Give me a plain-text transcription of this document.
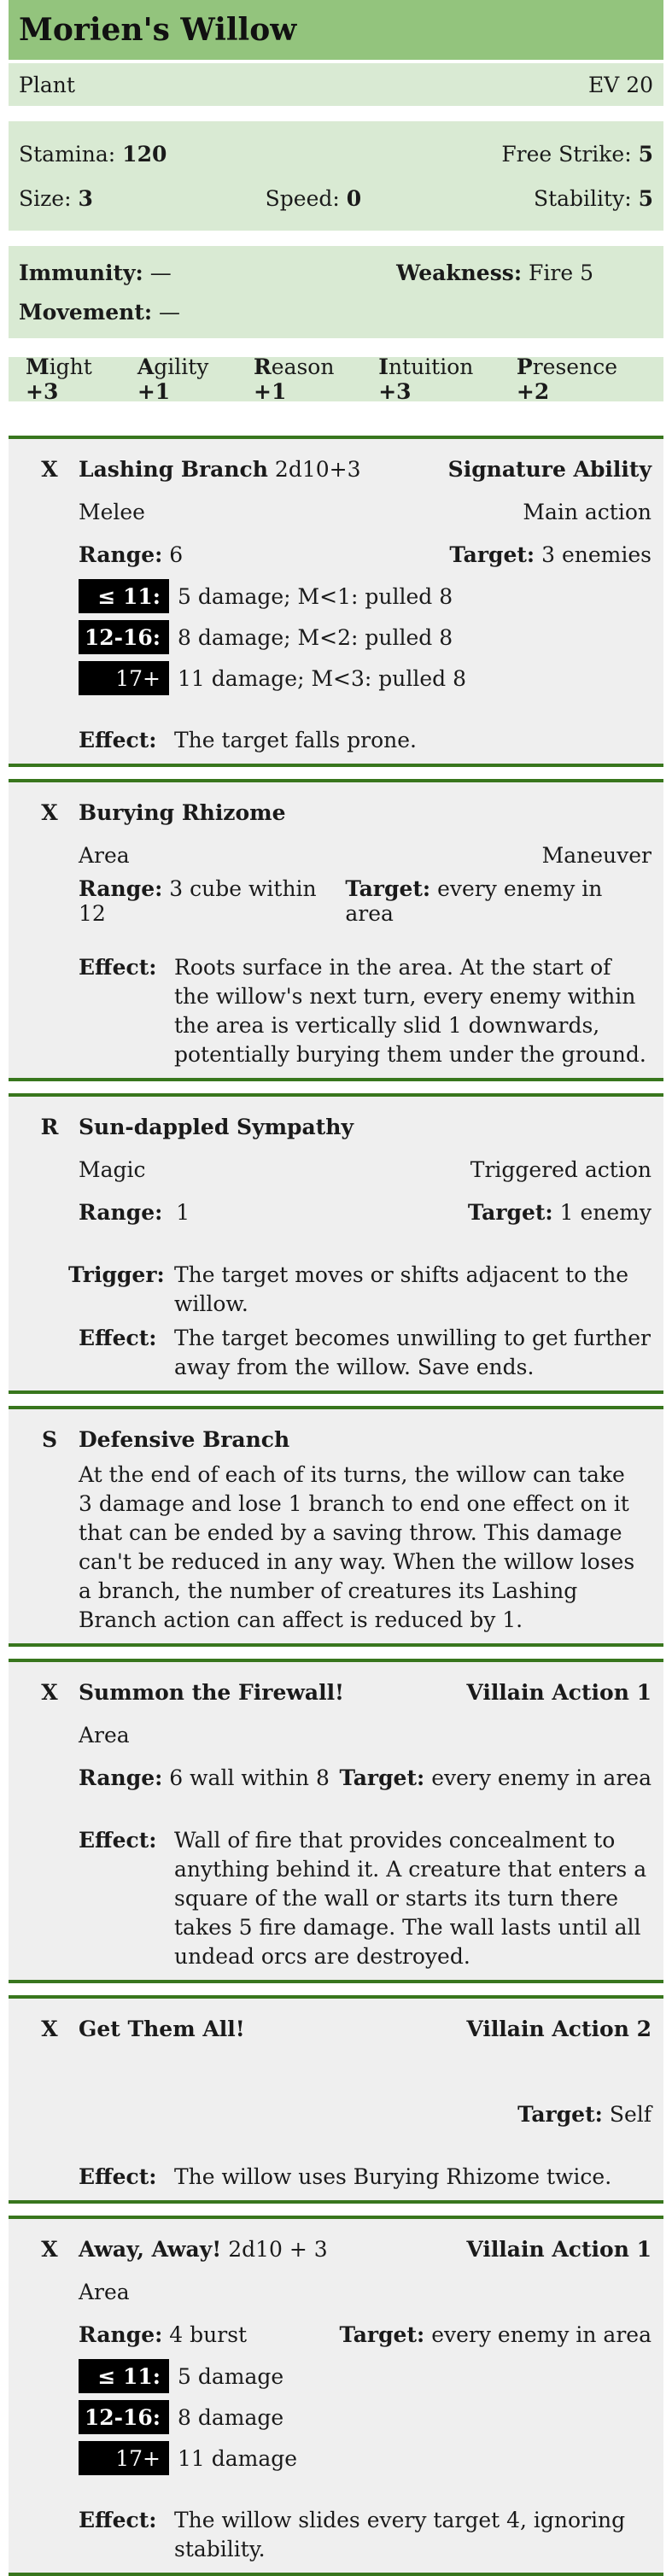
Morien's Willow
Plant	EV 20
Stamina: 120	Free Strike: 5
Size: 3	Speed: 0	Stability: 5
Immunity: —	Weakness: Fire 5
Movement: —
Might +3
Agility +1
Reason +1
Intuition +3
Presence +2
X Lashing Branch 2d10+3	Signature Ability
Melee	Main action
Range: 6	Target: 3 enemies
≤ 11: 5 damage; M<1: pulled 8
12-16: 8 damage; M<2: pulled 8
17+ 11 damage; M<3: pulled 8
Effect: The target falls prone.
X Burying Rhizome
Area	Maneuver
Range: 3 cube within 12
Target: every enemy in area
Effect: Roots surface in the area. At the start of the willow's next turn, every enemy within the area is vertically slid 1 downwards, potentially burying them under the ground.
R Sun-dappled Sympathy
Magic	Triggered action
Range: 1	Target: 1 enemy
Trigger: The target moves or shifts adjacent to the willow.
Effect: The target becomes unwilling to get further away from the willow. Save ends.
S Defensive Branch
At the end of each of its turns, the willow can take 3 damage and lose 1 branch to end one effect on it that can be ended by a saving throw. This damage can't be reduced in any way. When the willow loses a branch, the number of creatures its Lashing Branch action can affect is reduced by 1.
X Summon the Firewall!	Villain Action 1
Area
Range: 6 wall within 8 Target: every enemy in area
Effect: Wall of fire that provides concealment to anything behind it. A creature that enters a square of the wall or starts its turn there takes 5 fire damage. The wall lasts until all undead orcs are destroyed.
X Get Them All!	Villain Action 2
Target: Self
Effect: The willow uses Burying Rhizome twice.
X Away, Away! 2d10 + 3	Villain Action 1
Area
Range: 4 burst	Target: every enemy in area
≤ 11: 5 damage
12-16: 8 damage
17+ 11 damage
Effect: The willow slides every target 4, ignoring stability.
